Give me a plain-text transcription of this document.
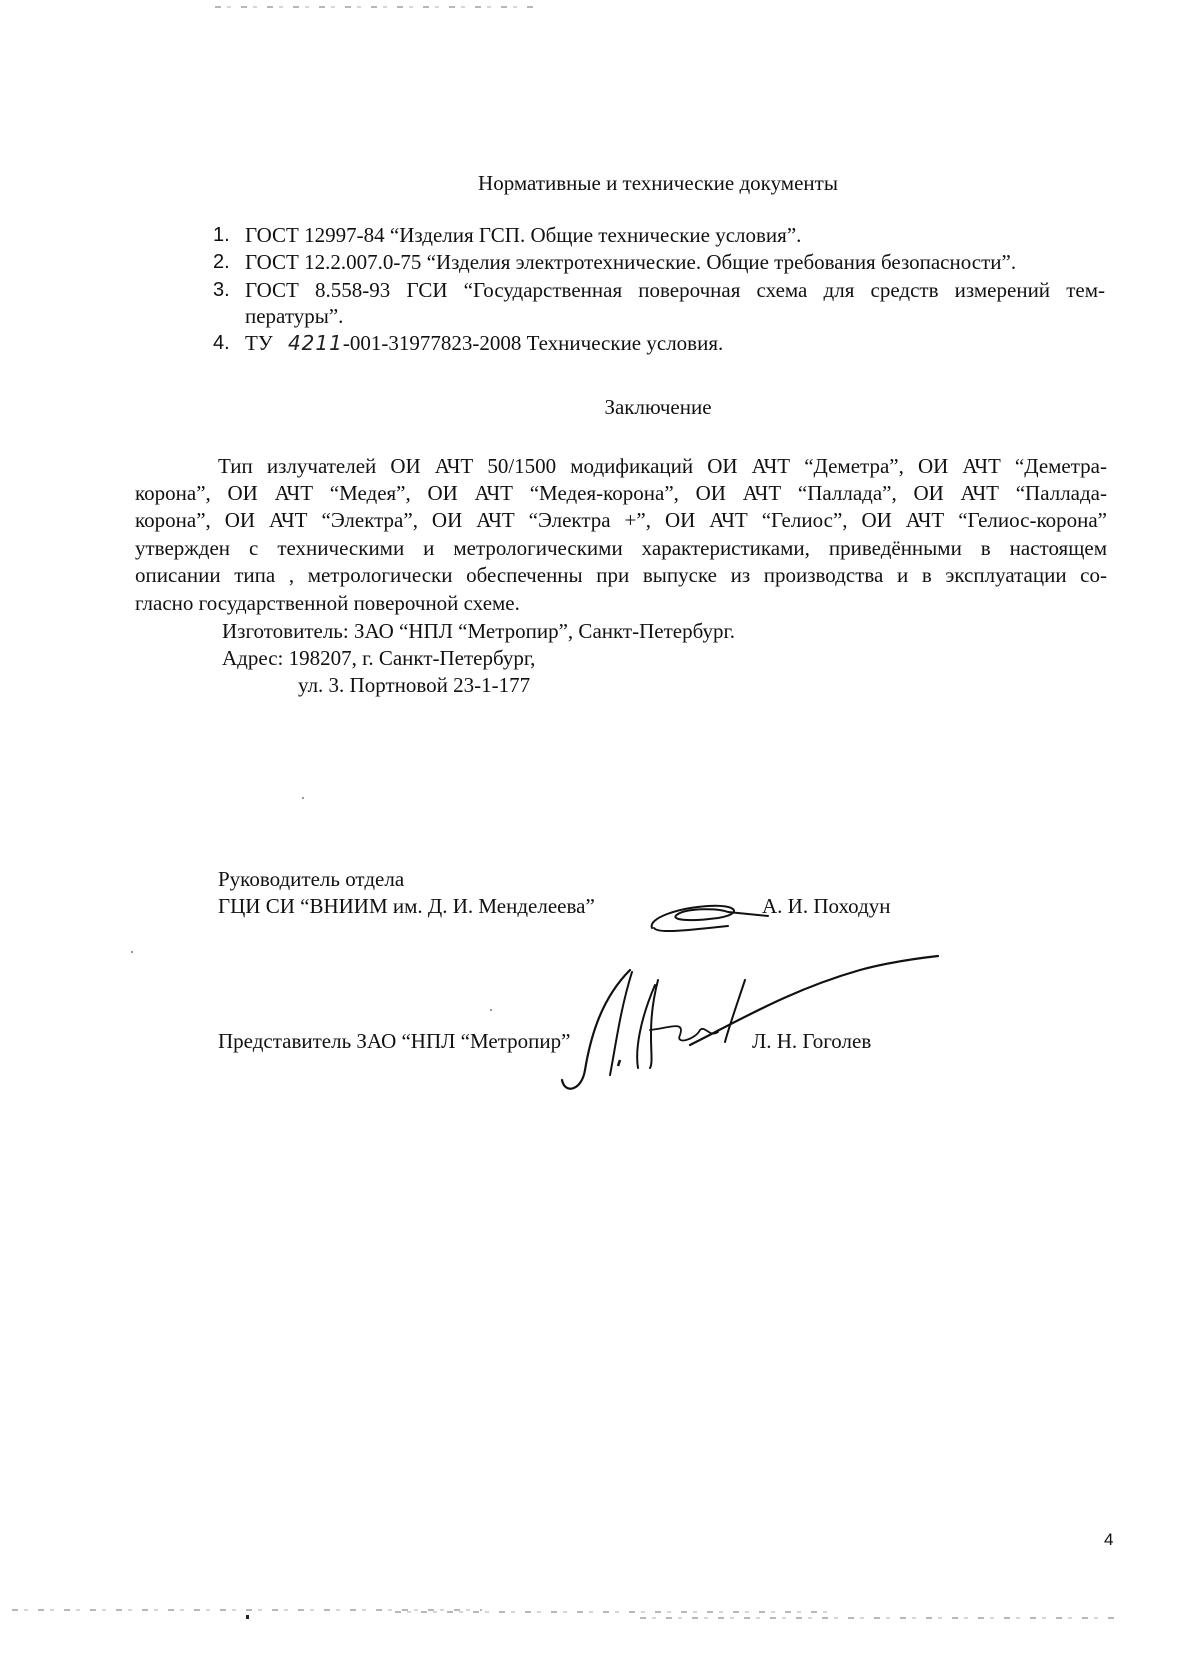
Нормативные и технические документы
1. ГОСТ 12997-84 “Изделия ГСП. Общие технические условия”.
2. ГОСТ 12.2.007.0-75 “Изделия электротехнические. Общие требования безопасности”.
3. ГОСТ 8.558-93 ГСИ “Государственная поверочная схема для средств измерений тем-
пературы”.
4. ТУ 4211-001-31977823-2008 Технические условия.
Заключение
Тип излучателей ОИ АЧТ 50/1500 модификаций ОИ АЧТ “Деметра”, ОИ АЧТ “Деметра-
корона”, ОИ АЧТ “Медея”, ОИ АЧТ “Медея-корона”, ОИ АЧТ “Паллада”, ОИ АЧТ “Паллада-
корона”, ОИ АЧТ “Электра”, ОИ АЧТ “Электра +”, ОИ АЧТ “Гелиос”, ОИ АЧТ “Гелиос-корона”
утвержден с техническими и метрологическими характеристиками, приведёнными в настоящем
описании типа , метрологически обеспеченны при выпуске из производства и в эксплуатации со-
гласно государственной поверочной схеме.
Изготовитель: ЗАО “НПЛ “Метропир”, Санкт-Петербург.
Адрес: 198207, г. Санкт-Петербург,
ул. 3. Портновой 23-1-177
Руководитель отдела
ГЦИ СИ “ВНИИМ им. Д. И. Менделеева”	А. И. Походун
Представитель ЗАО “НПЛ “Метропир”	Л. Н. Гоголев
4
